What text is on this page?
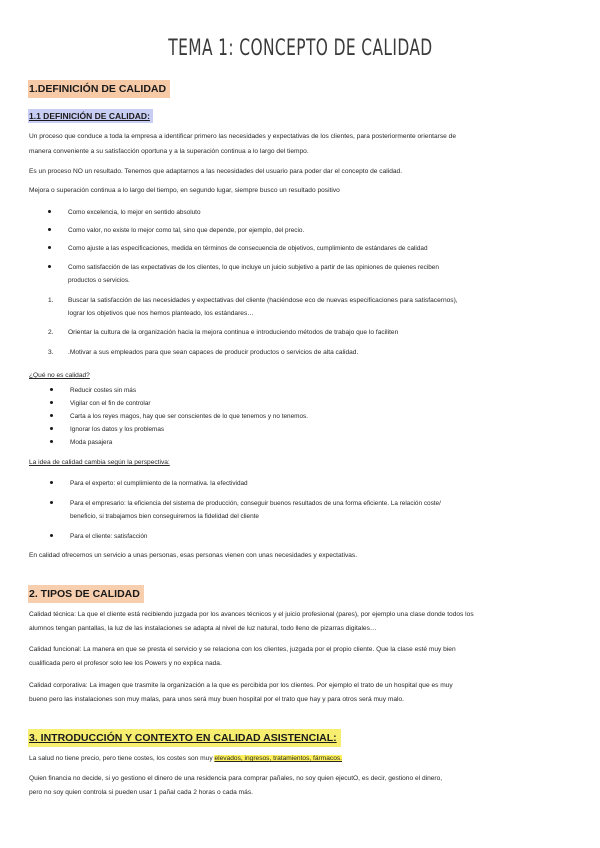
TEMA 1: CONCEPTO DE CALIDAD
1.DEFINICIÓN DE CALIDAD
1.1 DEFINICIÓN DE CALIDAD:
Un proceso que conduce a toda la empresa a identificar primero las necesidades y expectativas de los clientes, para posteriormente orientarse de
manera conveniente a su satisfacción oportuna y a la superación continua a lo largo del tiempo.
Es un proceso NO un resultado. Tenemos que adaptarnos a las necesidades del usuario para poder dar el concepto de calidad.
Mejora o superación continua a lo largo del tiempo, en segundo lugar, siempre busco un resultado positivo
Como excelencia, lo mejor en sentido absoluto
Como valor, no existe lo mejor como tal, sino que depende, por ejemplo, del precio.
Como ajuste a las especificaciones, medida en términos de consecuencia de objetivos, cumplimiento de estándares de calidad
Como satisfacción de las expectativas de los clientes, lo que incluye un juicio subjetivo a partir de las opiniones de quienes reciben
productos o servicios.
1. Buscar la satisfacción de las necesidades y expectativas del cliente (haciéndose eco de nuevas especificaciones para satisfacernos),
lograr los objetivos que nos hemos planteado, los estándares…
2. Orientar la cultura de la organización hacia la mejora continua e introduciendo métodos de trabajo que lo faciliten
3. .Motivar a sus empleados para que sean capaces de producir productos o servicios de alta calidad.
¿Qué no es calidad?
Reducir costes sin más
Vigilar con el fin de controlar
Carta a los reyes magos, hay que ser conscientes de lo que tenemos y no tenemos.
Ignorar los datos y los problemas
Moda pasajera
La idea de calidad cambia según la perspectiva:
Para el experto: el cumplimiento de la normativa. la efectividad
Para el empresario: la eficiencia del sistema de producción, conseguir buenos resultados de una forma eficiente. La relación coste/
beneficio, si trabajamos bien conseguiremos la fidelidad del cliente
Para el cliente: satisfacción
En calidad ofrecemos un servicio a unas personas, esas personas vienen con unas necesidades y expectativas.
2. TIPOS DE CALIDAD
Calidad técnica: La que el cliente está recibiendo juzgada por los avances técnicos y el juicio profesional (pares), por ejemplo una clase donde todos los
alumnos tengan pantallas, la luz de las instalaciones se adapta al nivel de luz natural, todo lleno de pizarras digitales…
Calidad funcional: La manera en que se presta el servicio y se relaciona con los clientes, juzgada por el propio cliente. Que la clase esté muy bien
cualificada pero el profesor solo lee los Powers y no explica nada.
Calidad corporativa: La imagen que trasmite la organización a la que es percibida por los clientes. Por ejemplo el trato de un hospital que es muy
bueno pero las instalaciones son muy malas, para unos será muy buen hospital por el trato que hay y para otros será muy malo.
3. INTRODUCCIÓN Y CONTEXTO EN CALIDAD ASISTENCIAL:
La salud no tiene precio, pero tiene costes, los costes son muy elevados, ingresos, tratamientos, fármacos.
Quien financia no decide, si yo gestiono el dinero de una residencia para comprar pañales, no soy quien ejecutO, es decir, gestiono el dinero,
pero no soy quien controla si pueden usar 1 pañal cada 2 horas o cada más.
